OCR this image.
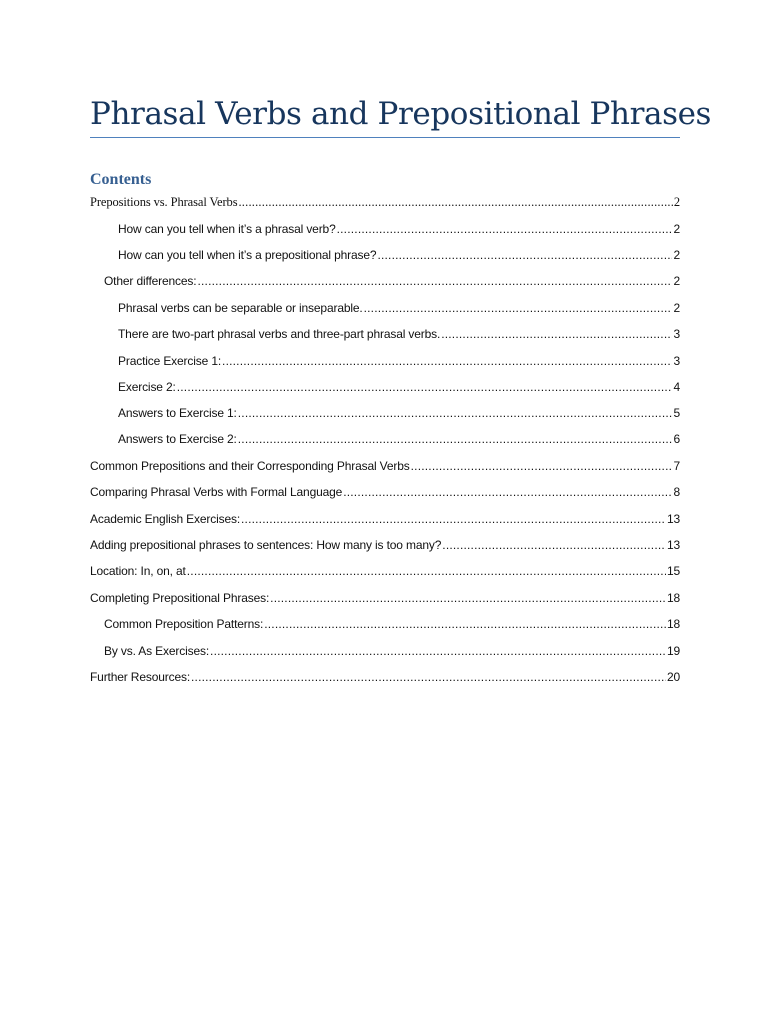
Phrasal Verbs and Prepositional Phrases
Contents
Prepositions vs. Phrasal Verbs .....	2
How can you tell when it’s a phrasal verb? .....	2
How can you tell when it’s a prepositional phrase? .....	2
Other differences: .....	2
Phrasal verbs can be separable or inseparable. .....	2
There are two-part phrasal verbs and three-part phrasal verbs. .....	3
Practice Exercise 1: .....	3
Exercise 2: .....	4
Answers to Exercise 1: .....	5
Answers to Exercise 2: .....	6
Common Prepositions and their Corresponding Phrasal Verbs .....	7
Comparing Phrasal Verbs with Formal Language .....	8
Academic English Exercises: .....	13
Adding prepositional phrases to sentences: How many is too many? .....	13
Location: In, on, at .....	15
Completing Prepositional Phrases: .....	18
Common Preposition Patterns: .....	18
By vs. As Exercises: .....	19
Further Resources: .....	20
